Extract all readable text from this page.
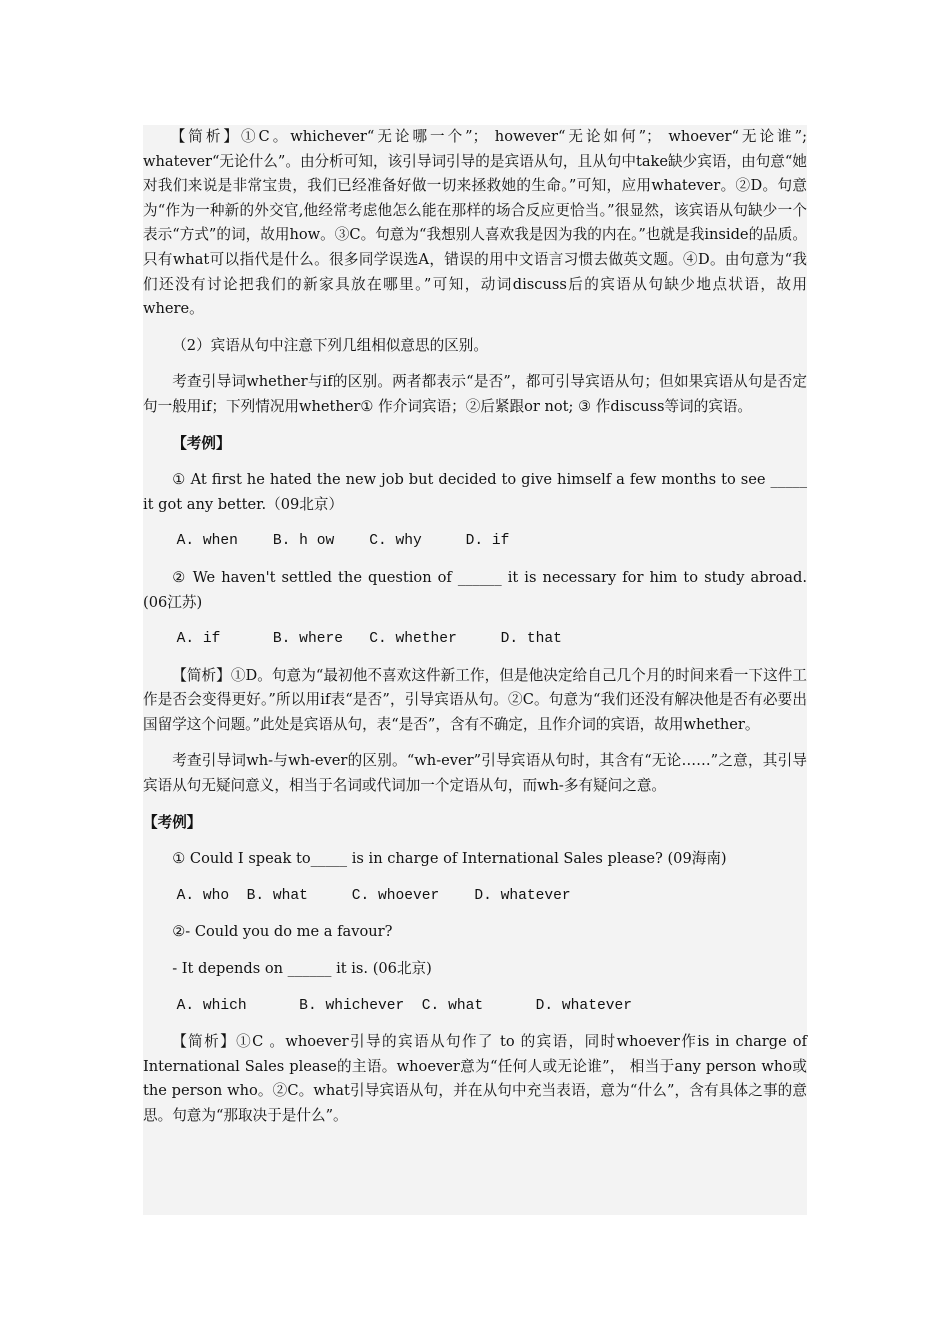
【简析】①C。whichever“无论哪一个”； however“无论如何”； whoever“无论谁”; whatever“无论什么”。由分析可知，该引导词引导的是宾语从句，且从句中take缺少宾语，由句意“她对我们来说是非常宝贵，我们已经准备好做一切来拯救她的生命。”可知，应用whatever。②D。句意为“作为一种新的外交官,他经常考虑他怎么能在那样的场合反应更恰当。”很显然，该宾语从句缺少一个表示“方式”的词，故用how。③C。句意为“我想别人喜欢我是因为我的内在。”也就是我inside的品质。只有what可以指代是什么。很多同学误选A，错误的用中文语言习惯去做英文题。④D。由句意为“我们还没有讨论把我们的新家具放在哪里。”可知，动词discuss后的宾语从句缺少地点状语，故用where。

（2）宾语从句中注意下列几组相似意思的区别。

考查引导词whether与if的区别。两者都表示“是否”，都可引导宾语从句；但如果宾语从句是否定句一般用if；下列情况用whether① 作介词宾语；②后紧跟or not; ③ 作discuss等词的宾语。

【考例】

① At first he hated the new job but decided to give himself a few months to see _____ it got any better.（09北京）

A. when    B. h ow    C. why     D. if

② We haven't settled the question of ______ it is necessary for him to study abroad. (06江苏)

A. if      B. where   C. whether     D. that

【简析】①D。句意为“最初他不喜欢这件新工作，但是他决定给自己几个月的时间来看一下这件工作是否会变得更好。”所以用if表“是否”，引导宾语从句。②C。句意为“我们还没有解决他是否有必要出国留学这个问题。”此处是宾语从句，表“是否”，含有不确定，且作介词的宾语，故用whether。

考查引导词wh-与wh-ever的区别。“wh-ever”引导宾语从句时，其含有“无论……”之意，其引导宾语从句无疑问意义，相当于名词或代词加一个定语从句，而wh-多有疑问之意。

【考例】

① Could I speak to_____ is in charge of International Sales please? (09海南)

A. who  B. what     C. whoever    D. whatever

②- Could you do me a favour?

- It depends on ______ it is. (06北京)

A. which      B. whichever  C. what      D. whatever

【简析】①C 。whoever引导的宾语从句作了 to 的宾语，同时whoever作is in charge of International Sales please的主语。whoever意为“任何人或无论谁”， 相当于any person who或the person who。②C。what引导宾语从句，并在从句中充当表语，意为“什么”，含有具体之事的意思。句意为“那取决于是什么”。
